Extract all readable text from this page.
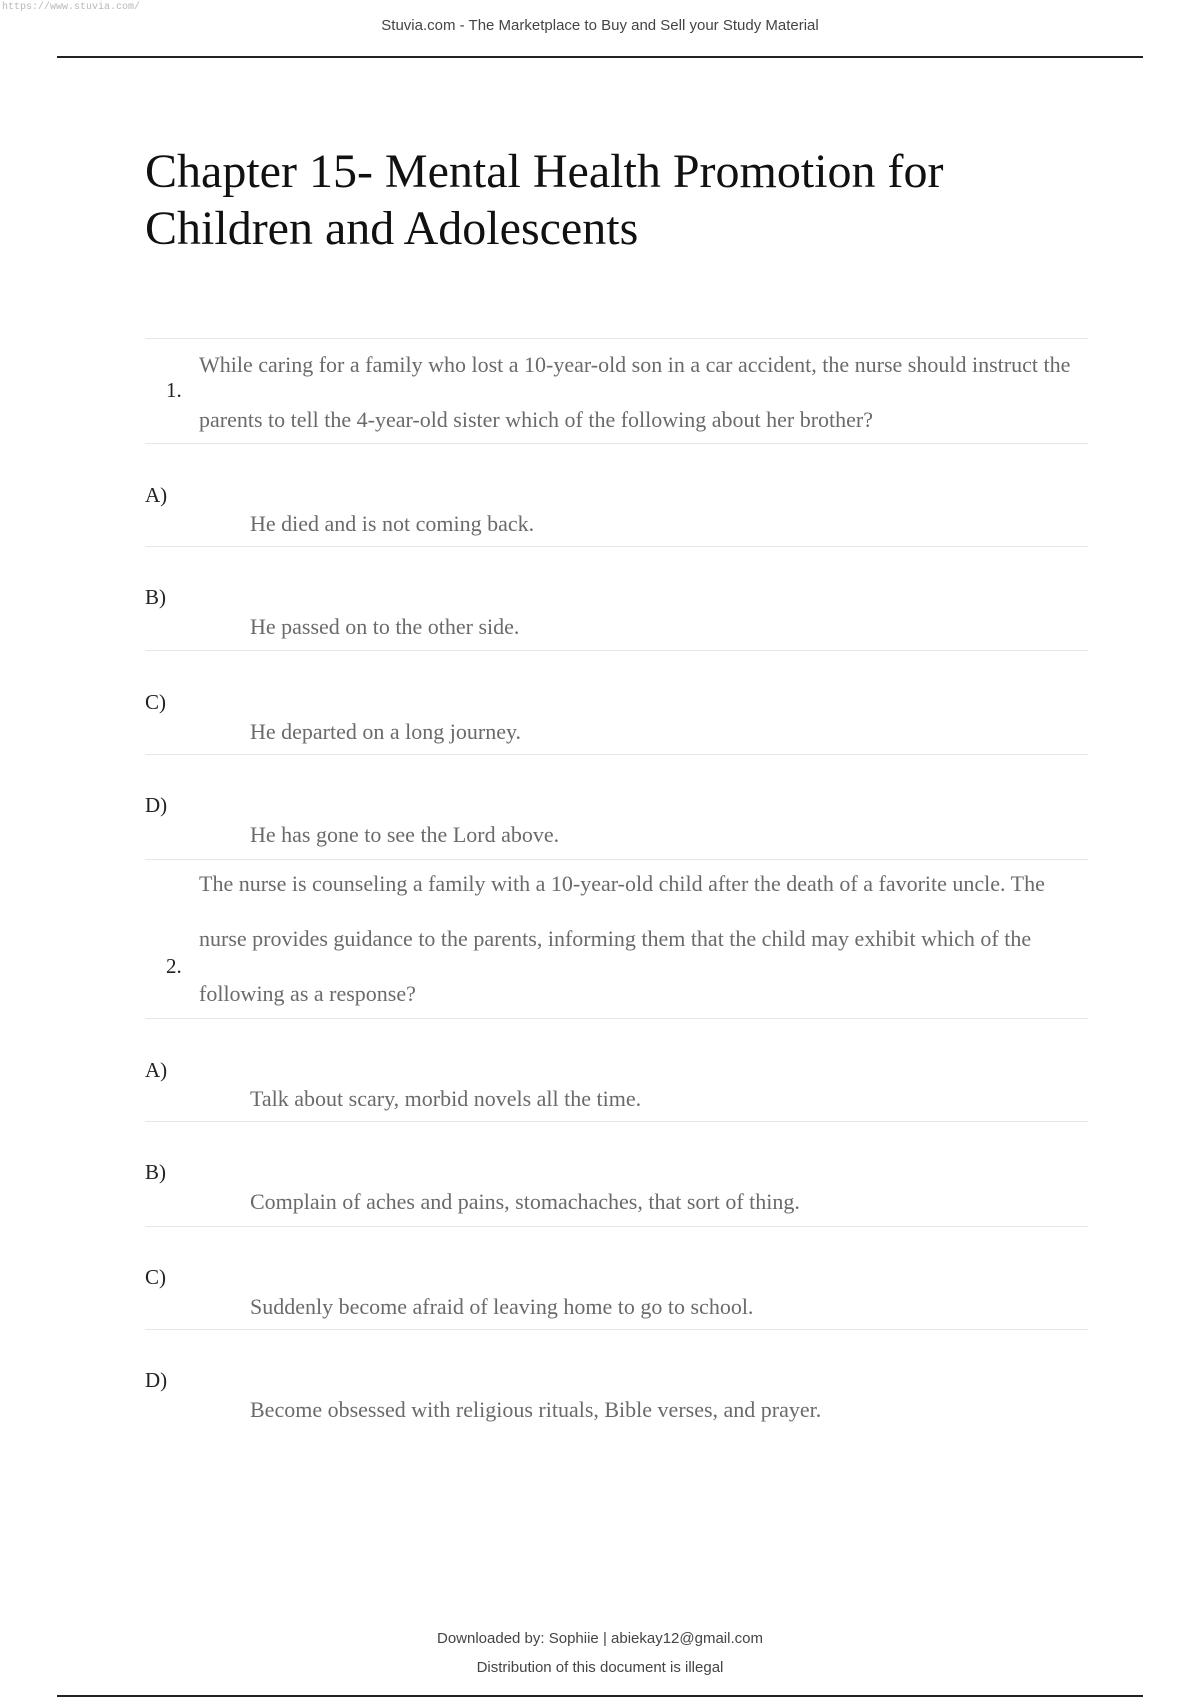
https://www.stuvia.com/
Stuvia.com - The Marketplace to Buy and Sell your Study Material
Chapter 15- Mental Health Promotion for Children and Adolescents
1.
While caring for a family who lost a 10-year-old son in a car accident, the nurse should instruct the parents to tell the 4-year-old sister which of the following about her brother?
A)
He died and is not coming back.
B)
He passed on to the other side.
C)
He departed on a long journey.
D)
He has gone to see the Lord above.
2.
The nurse is counseling a family with a 10-year-old child after the death of a favorite uncle. The nurse provides guidance to the parents, informing them that the child may exhibit which of the following as a response?
A)
Talk about scary, morbid novels all the time.
B)
Complain of aches and pains, stomachaches, that sort of thing.
C)
Suddenly become afraid of leaving home to go to school.
D)
Become obsessed with religious rituals, Bible verses, and prayer.
Downloaded by: Sophiie | abiekay12@gmail.com
Distribution of this document is illegal
